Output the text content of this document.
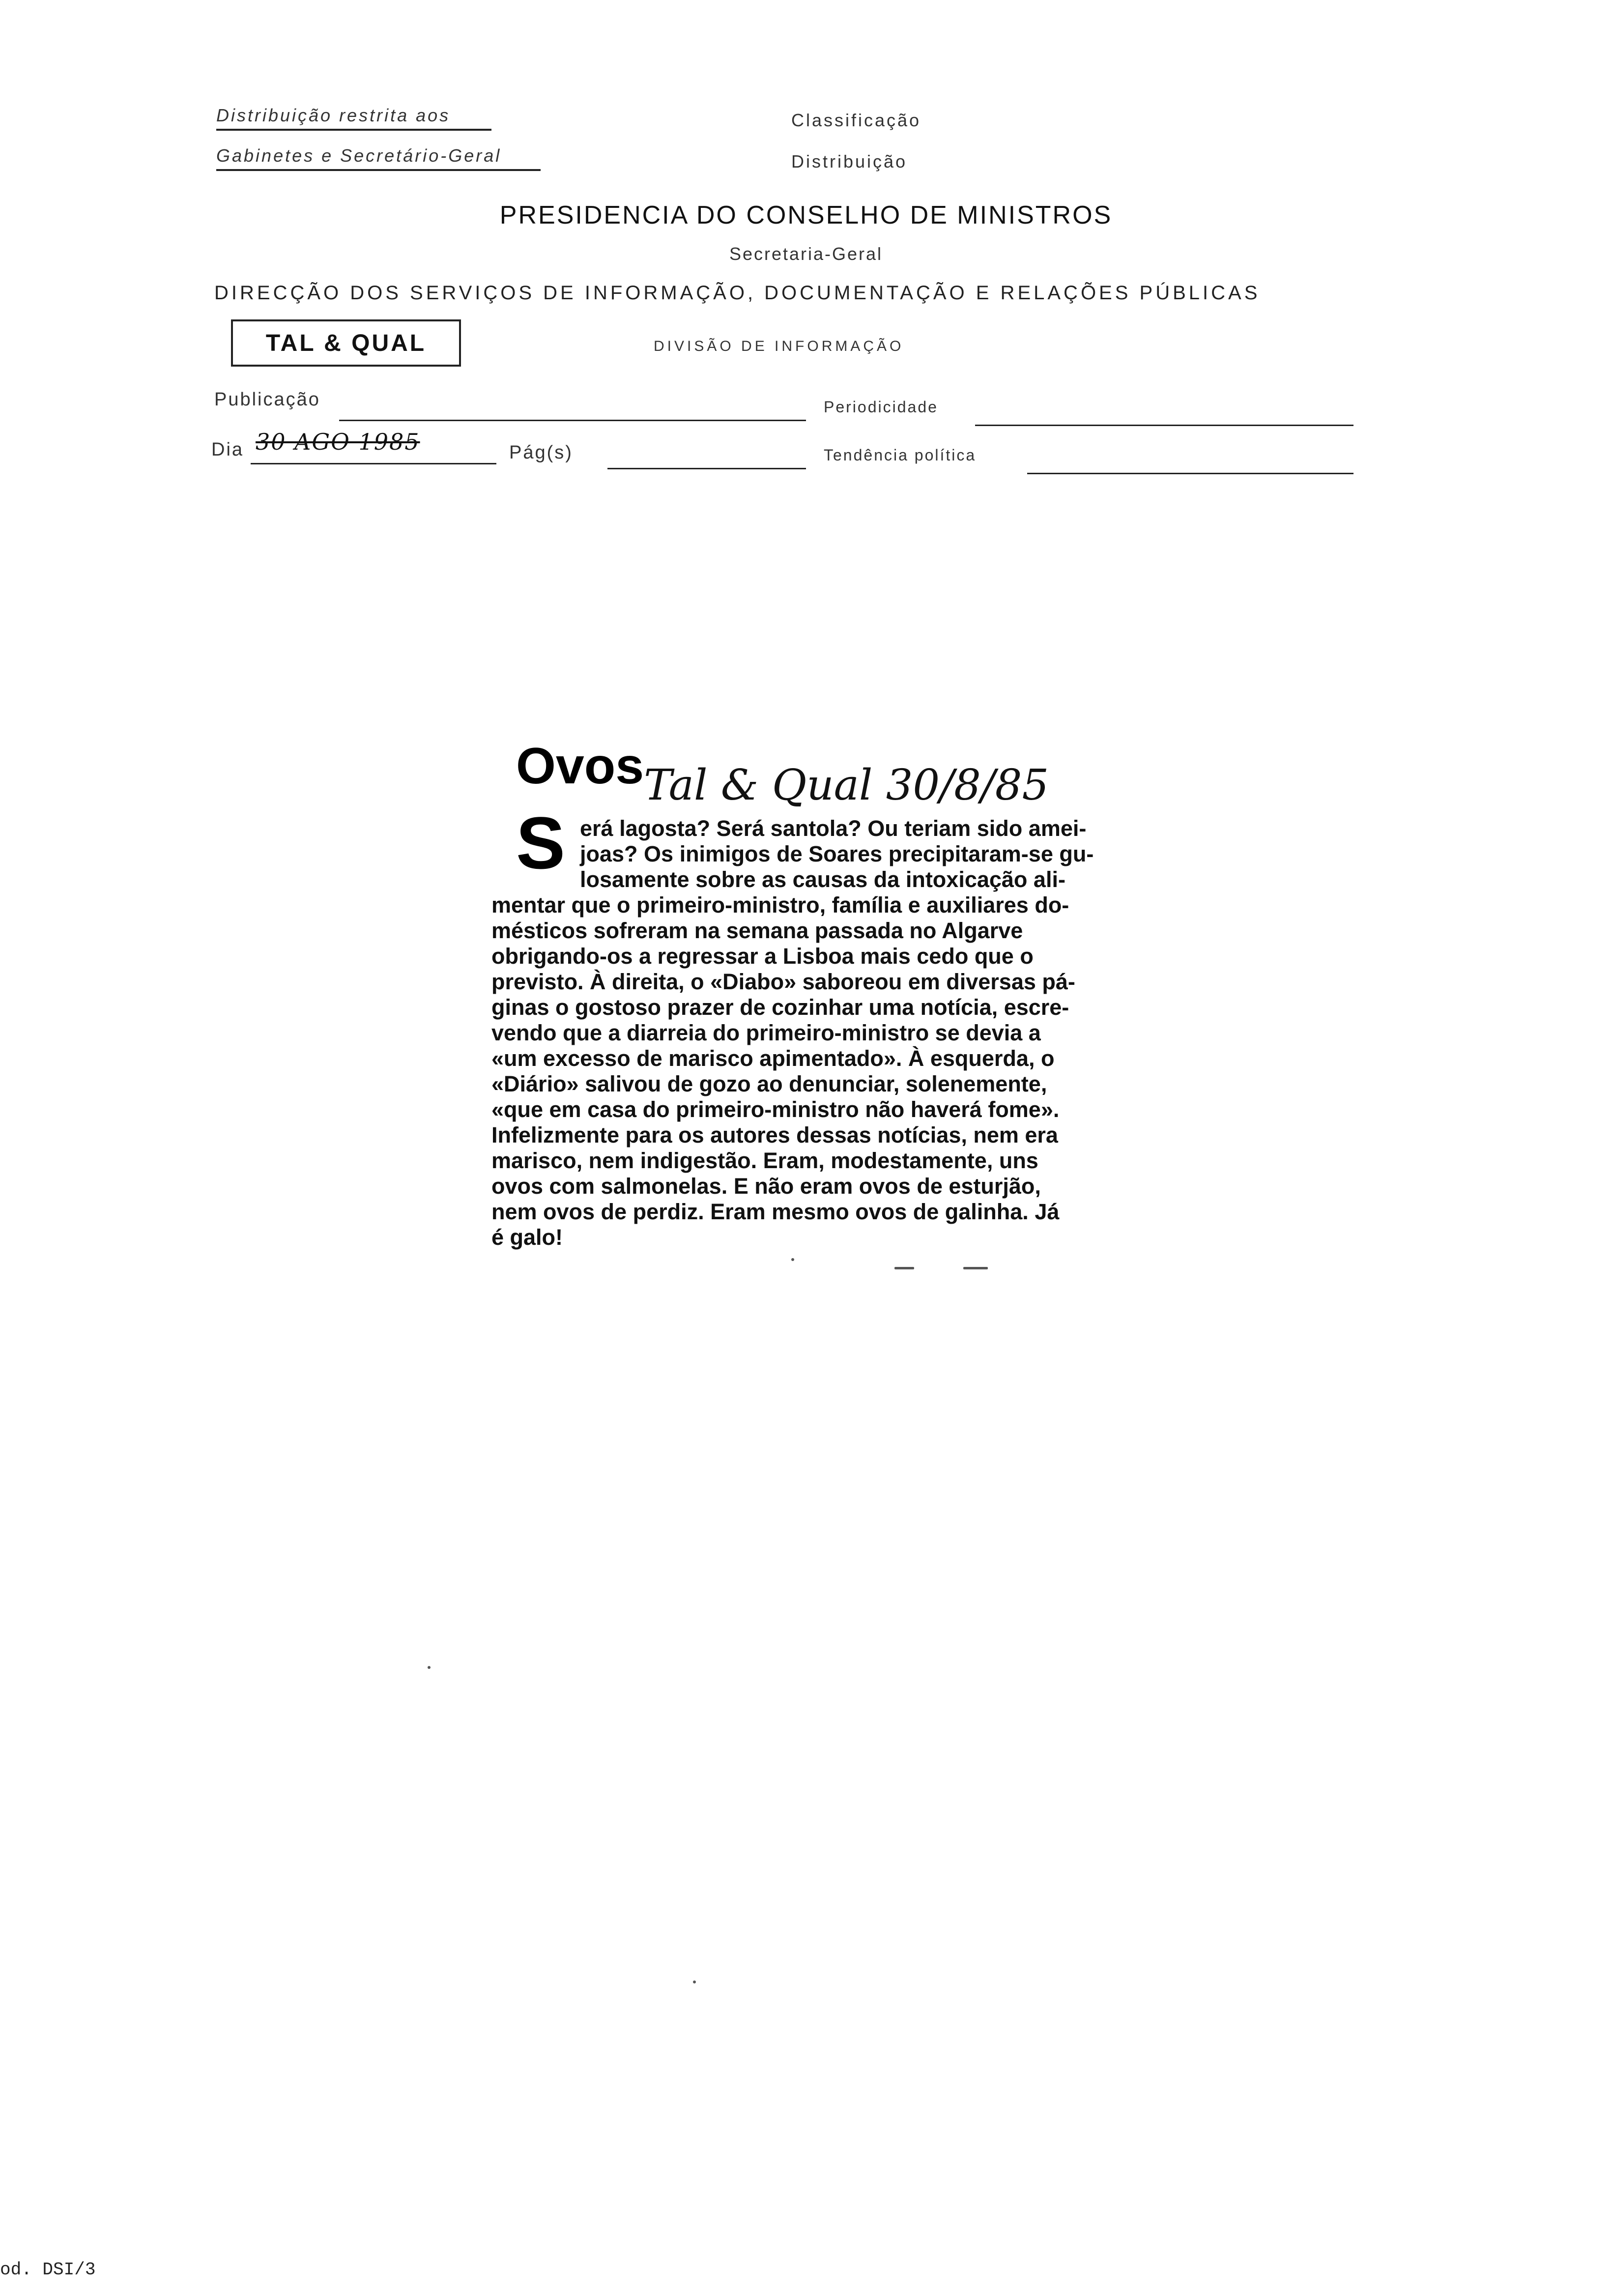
Distribuição restrita aos
Gabinetes e Secretário-Geral
Classificação
Distribuição
PRESIDENCIA DO CONSELHO DE MINISTROS
Secretaria-Geral
DIRECÇÃO DOS SERVIÇOS DE INFORMAÇÃO, DOCUMENTAÇÃO E RELAÇÕES PÚBLICAS
TAL & QUAL	DIVISÃO DE INFORMAÇÃO
Publicação	Periodicidade
Dia 30 AGO 1985	Pág(s)	Tendência política
Ovos Tal & Qual 30/8/85
S erá lagosta? Será santola? Ou teriam sido amei-
joas? Os inimigos de Soares precipitaram-se gu-
losamente sobre as causas da intoxicação ali-
mentar que o primeiro-ministro, família e auxiliares do-
mésticos sofreram na semana passada no Algarve
obrigando-os a regressar a Lisboa mais cedo que o
previsto. À direita, o «Diabo» saboreou em diversas pá-
ginas o gostoso prazer de cozinhar uma notícia, escre-
vendo que a diarreia do primeiro-ministro se devia a
«um excesso de marisco apimentado». À esquerda, o
«Diário» salivou de gozo ao denunciar, solenemente,
«que em casa do primeiro-ministro não haverá fome».
Infelizmente para os autores dessas notícias, nem era
marisco, nem indigestão. Eram, modestamente, uns
ovos com salmonelas. E não eram ovos de esturjão,
nem ovos de perdiz. Eram mesmo ovos de galinha. Já
é galo!
od. DSI/3
